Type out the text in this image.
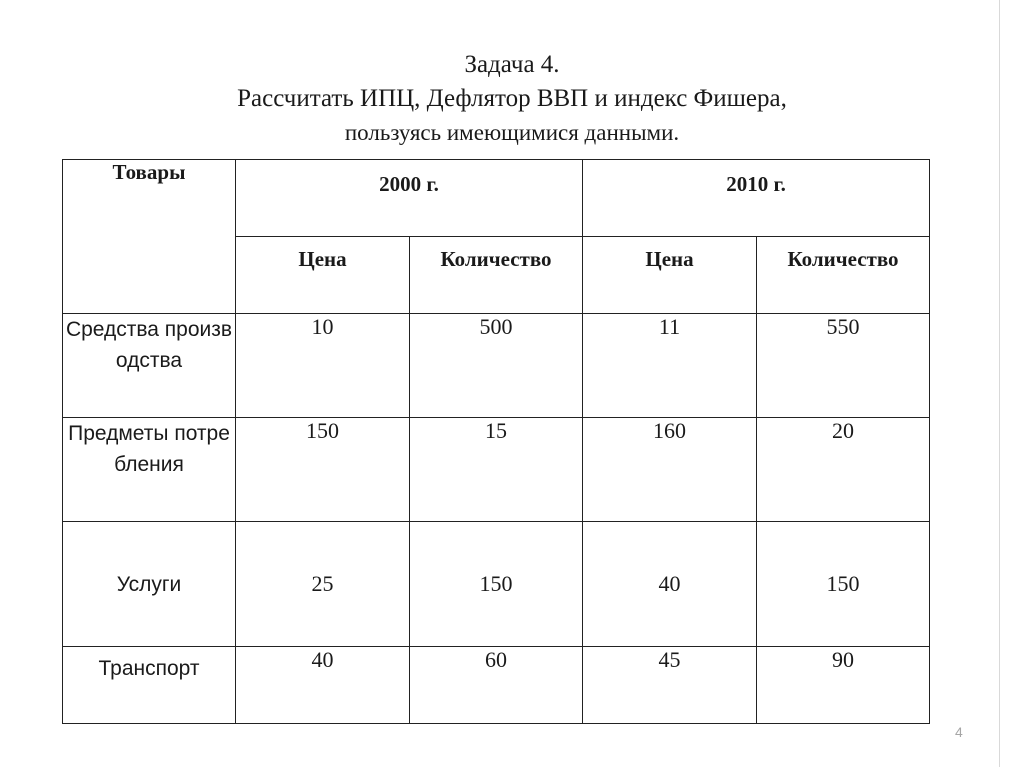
Задача 4.
Рассчитать ИПЦ, Дефлятор ВВП и индекс Фишера,
пользуясь имеющимися данными.
Товары	2000 г.		2010 г.	
	Цена	Количество	Цена	Количество
Средства производства	10	500	11	550
Предметы потребления	150	15	160	20
Услуги	25	150	40	150
Транспорт	40	60	45	90
4
